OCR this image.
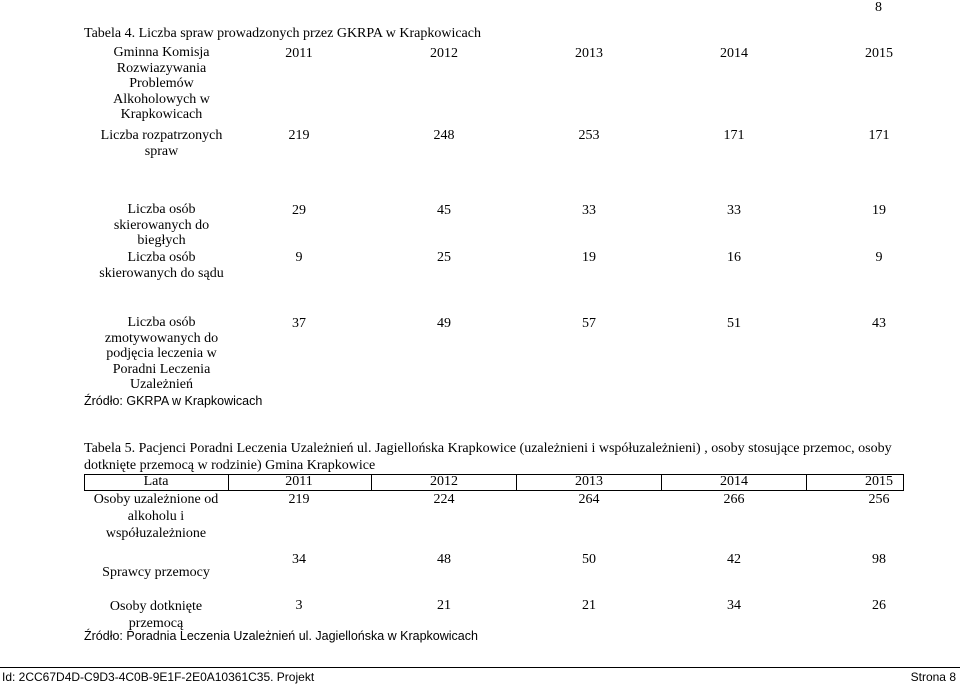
8
Tabela 4. Liczba spraw prowadzonych przez GKRPA w Krapkowicach
Gminna Komisja
Rozwiazywania
Problemów
Alkoholowych w
Krapkowicach
2011	2012	2013	2014	2015
Liczba rozpatrzonych
spraw
219	248	253	171	171
Liczba osób
skierowanych do
biegłych
29	45	33	33	19
Liczba osób
skierowanych do sądu
9	25	19	16	9
Liczba osób
zmotywowanych do
podjęcia leczenia w
Poradni Leczenia
Uzależnień
37	49	57	51	43
Źródło: GKRPA w Krapkowicach
Tabela 5. Pacjenci Poradni Leczenia Uzależnień ul. Jagiellońska Krapkowice (uzależnieni i współuzależnieni) , osoby stosujące przemoc, osoby dotknięte przemocą w rodzinie) Gmina Krapkowice
Lata	2011	2012	2013	2014	2015
Osoby uzależnione od
alkoholu i
współuzależnione
219	224	264	266	256
Sprawcy przemocy
34	48	50	42	98
Osoby dotknięte
przemocą
3	21	21	34	26
Źródło: Poradnia Leczenia Uzależnień ul. Jagiellońska w Krapkowicach
Id: 2CC67D4D-C9D3-4C0B-9E1F-2E0A10361C35. Projekt	Strona 8
